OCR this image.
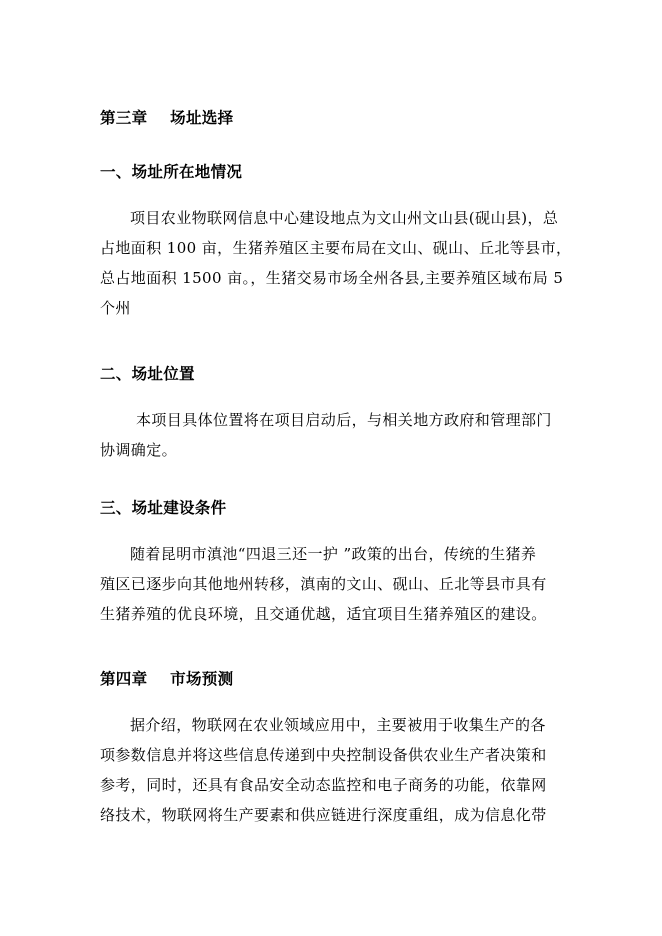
第三章    场址选择
一、场址所在地情况
项目农业物联网信息中心建设地点为文山州文山县(砚山县)，总
占地面积 100 亩，生猪养殖区主要布局在文山、砚山、丘北等县市，
总占地面积 1500 亩。，生猪交易市场全州各县,主要养殖区域布局 5
个州
二、场址位置
本项目具体位置将在项目启动后，与相关地方政府和管理部门
协调确定。
三、场址建设条件
随着昆明市滇池“四退三还一护 ”政策的出台，传统的生猪养
殖区已逐步向其他地州转移，滇南的文山、砚山、丘北等县市具有
生猪养殖的优良环境，且交通优越，适宜项目生猪养殖区的建设。
第四章    市场预测
据介绍，物联网在农业领域应用中，主要被用于收集生产的各
项参数信息并将这些信息传递到中央控制设备供农业生产者决策和
参考，同时，还具有食品安全动态监控和电子商务的功能，依靠网
络技术，物联网将生产要素和供应链进行深度重组，成为信息化带
